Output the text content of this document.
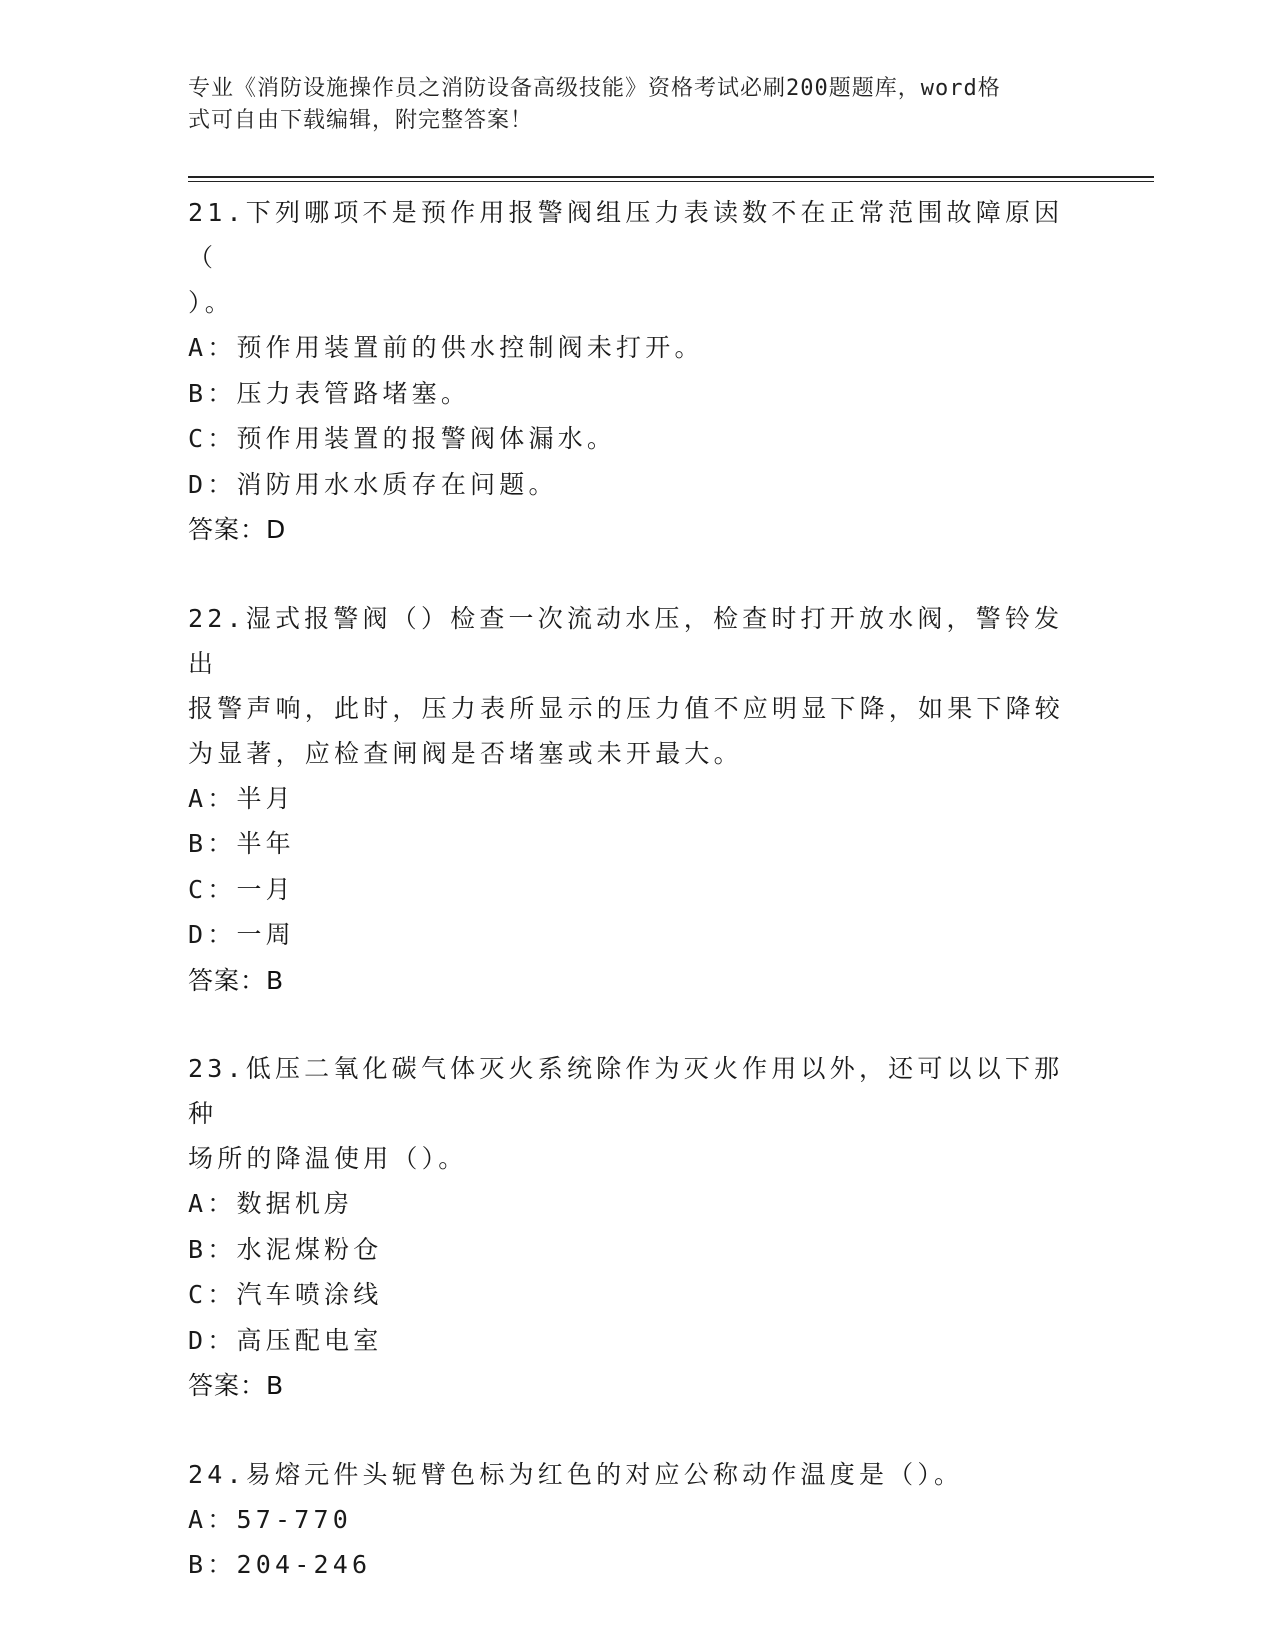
专业《消防设施操作员之消防设备高级技能》资格考试必刷200题题库，word格
式可自由下载编辑，附完整答案！
21.下列哪项不是预作用报警阀组压力表读数不在正常范围故障原因（
）。
A：预作用装置前的供水控制阀未打开。
B：压力表管路堵塞。
C：预作用装置的报警阀体漏水。
D：消防用水水质存在问题。
答案：D
22.湿式报警阀（）检查一次流动水压，检查时打开放水阀，警铃发出
报警声响，此时，压力表所显示的压力值不应明显下降，如果下降较
为显著，应检查闸阀是否堵塞或未开最大。
A：半月
B：半年
C：一月
D：一周
答案：B
23.低压二氧化碳气体灭火系统除作为灭火作用以外，还可以以下那种
场所的降温使用（）。
A：数据机房
B：水泥煤粉仓
C：汽车喷涂线
D：高压配电室
答案：B
24.易熔元件头轭臂色标为红色的对应公称动作温度是（）。
A：57-770
B：204-246
